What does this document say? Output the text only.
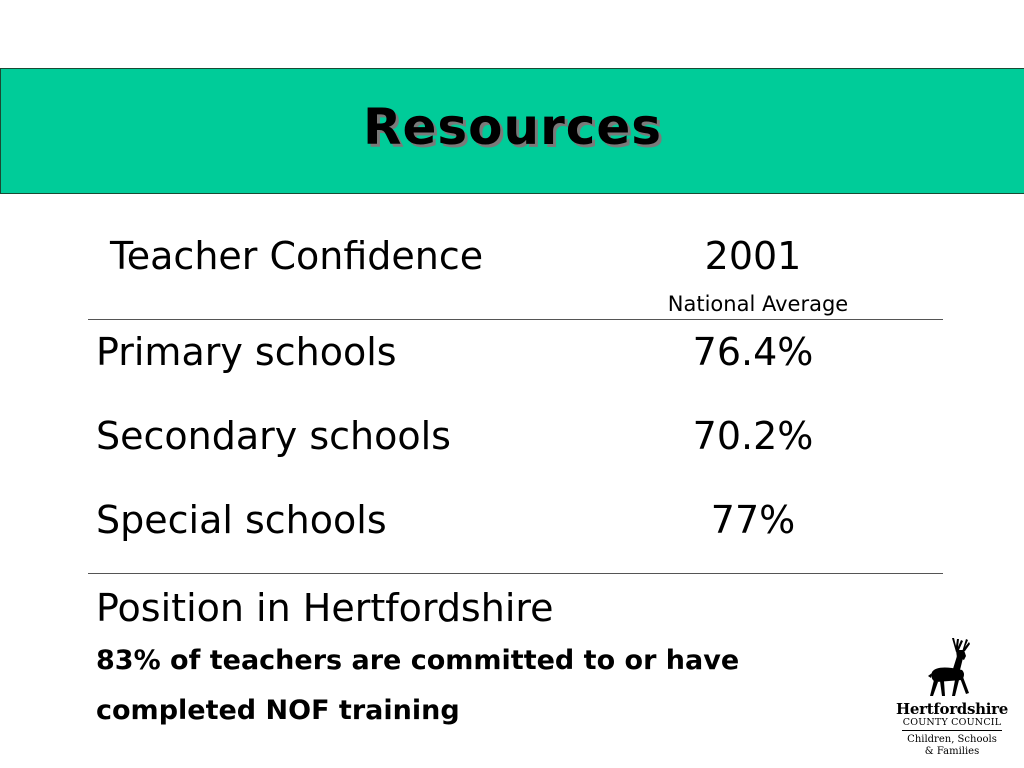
Resources
Teacher Confidence	2001
National Average
Primary schools	76.4%
Secondary schools	70.2%
Special schools	77%
Position in Hertfordshire
83% of teachers are committed to or have completed NOF training	Hertfordshire
COUNTY COUNCIL
Children, Schools
& Families
